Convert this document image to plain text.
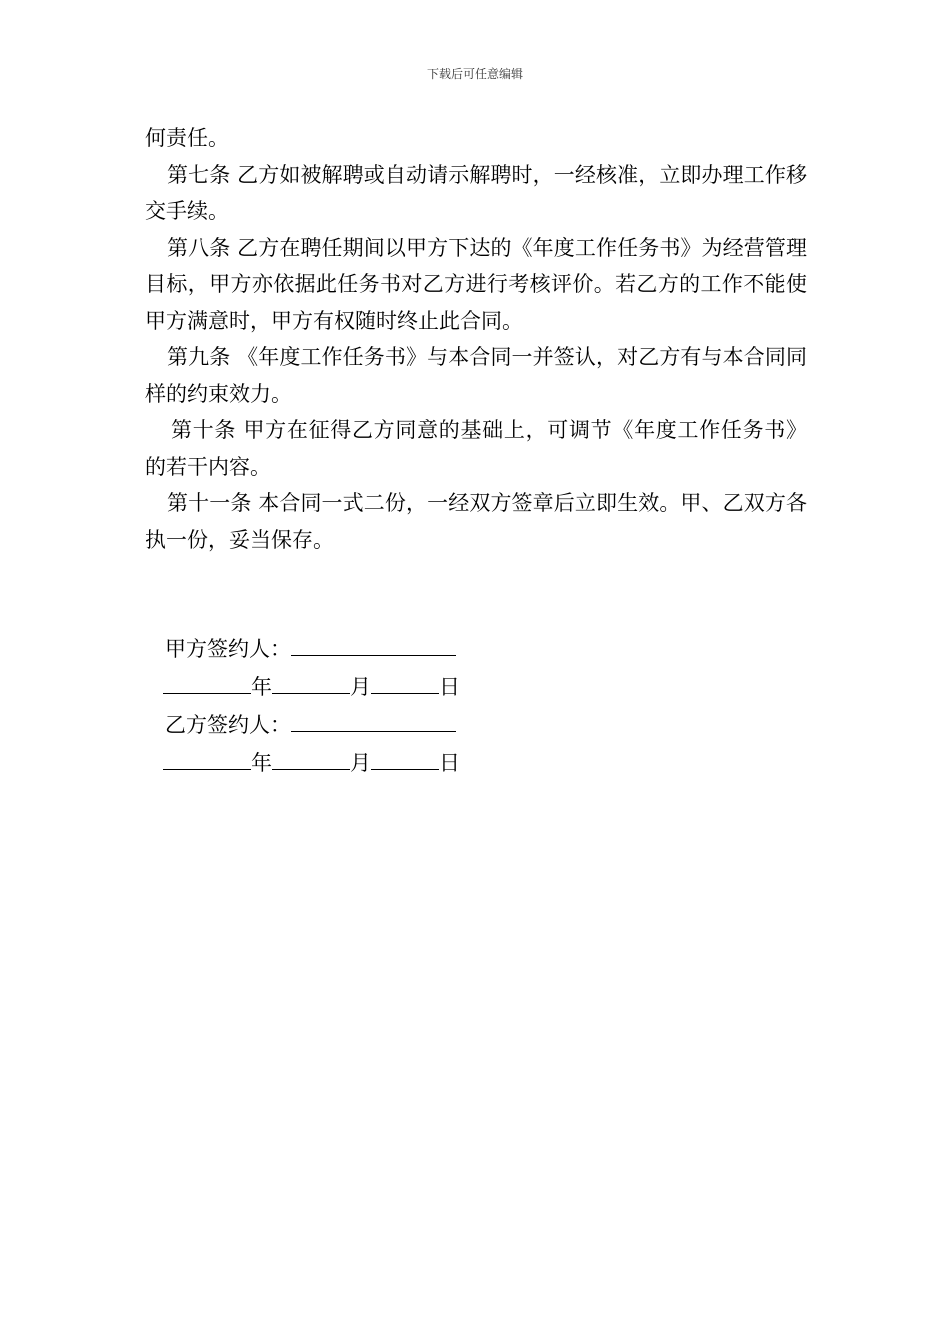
下载后可任意编辑

何责任。

第七条 乙方如被解聘或自动请示解聘时，一经核准，立即办理工作移交手续。

第八条 乙方在聘任期间以甲方下达的《年度工作任务书》为经营管理目标，甲方亦依据此任务书对乙方进行考核评价。若乙方的工作不能使甲方满意时，甲方有权随时终止此合同。

第九条 《年度工作任务书》与本合同一并签认，对乙方有与本合同同样的约束效力。

第十条 甲方在征得乙方同意的基础上，可调节《年度工作任务书》的若干内容。

第十一条 本合同一式二份，一经双方签章后立即生效。甲、乙双方各执一份，妥当保存。

甲方签约人：
年	月	日
乙方签约人：
年	月	日
